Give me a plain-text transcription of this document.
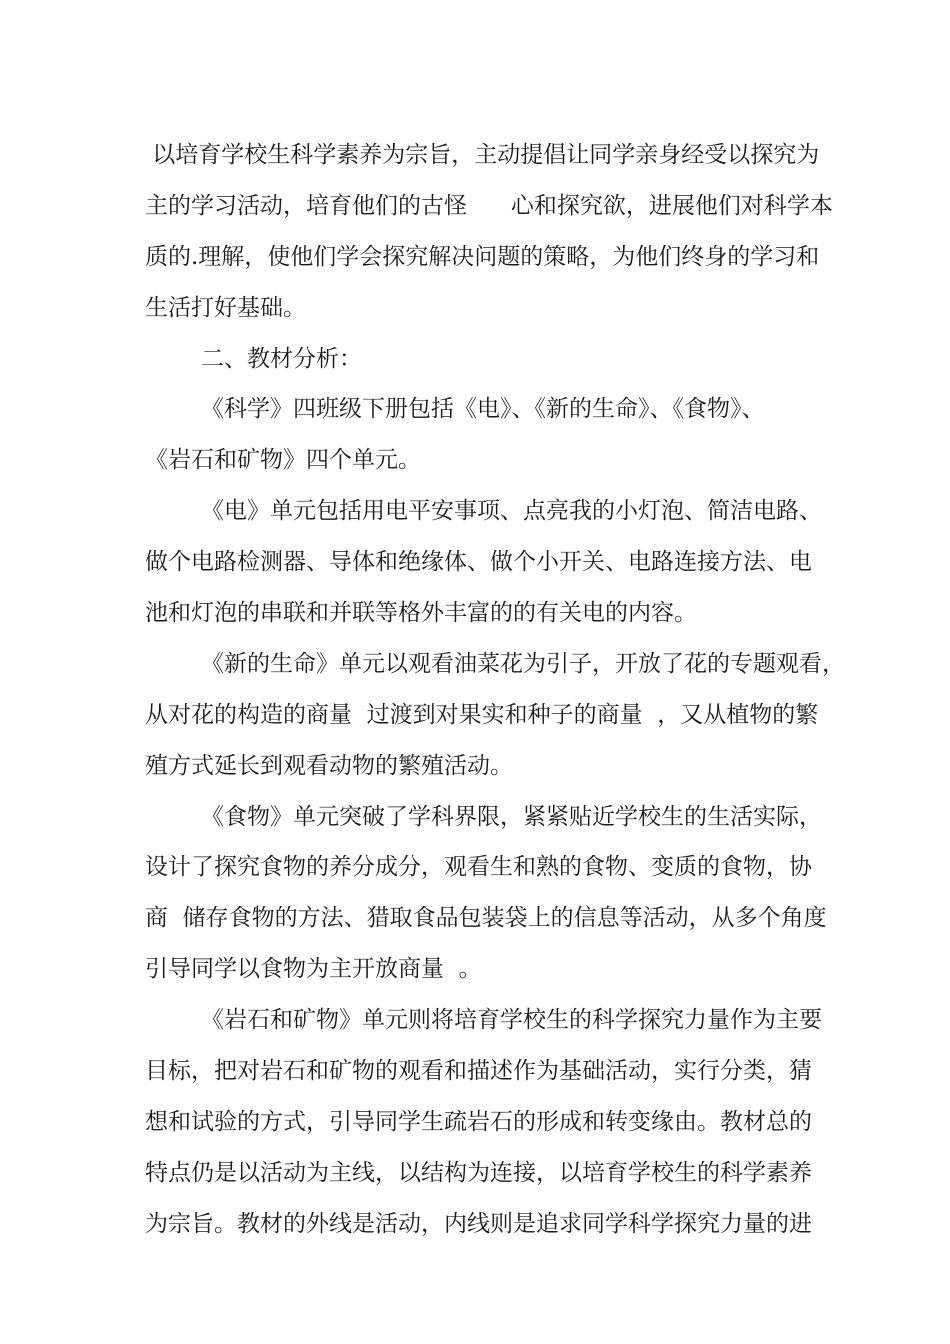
以培育学校生科学素养为宗旨，主动提倡让同学亲身经受以探究为
主的学习活动，培育他们的古怪      心和探究欲，进展他们对科学本
质的.理解，使他们学会探究解决问题的策略，为他们终身的学习和
生活打好基础。
二、教材分析：
《科学》四班级下册包括《电》、《新的生命》、《食物》、
《岩石和矿物》四个单元。
《电》单元包括用电平安事项、点亮我的小灯泡、简洁电路、
做个电路检测器、导体和绝缘体、做个小开关、电路连接方法、电
池和灯泡的串联和并联等格外丰富的的有关电的内容。
《新的生命》单元以观看油菜花为引子，开放了花的专题观看，
从对花的构造的商量  过渡到对果实和种子的商量  ，又从植物的繁
殖方式延长到观看动物的繁殖活动。
《食物》单元突破了学科界限，紧紧贴近学校生的生活实际，
设计了探究食物的养分成分，观看生和熟的食物、变质的食物，协
商  储存食物的方法、猎取食品包装袋上的信息等活动，从多个角度
引导同学以食物为主开放商量  。
《岩石和矿物》单元则将培育学校生的科学探究力量作为主要
目标，把对岩石和矿物的观看和描述作为基础活动，实行分类，猜
想和试验的方式，引导同学生疏岩石的形成和转变缘由。教材总的
特点仍是以活动为主线，以结构为连接，以培育学校生的科学素养
为宗旨。教材的外线是活动，内线则是追求同学科学探究力量的进
